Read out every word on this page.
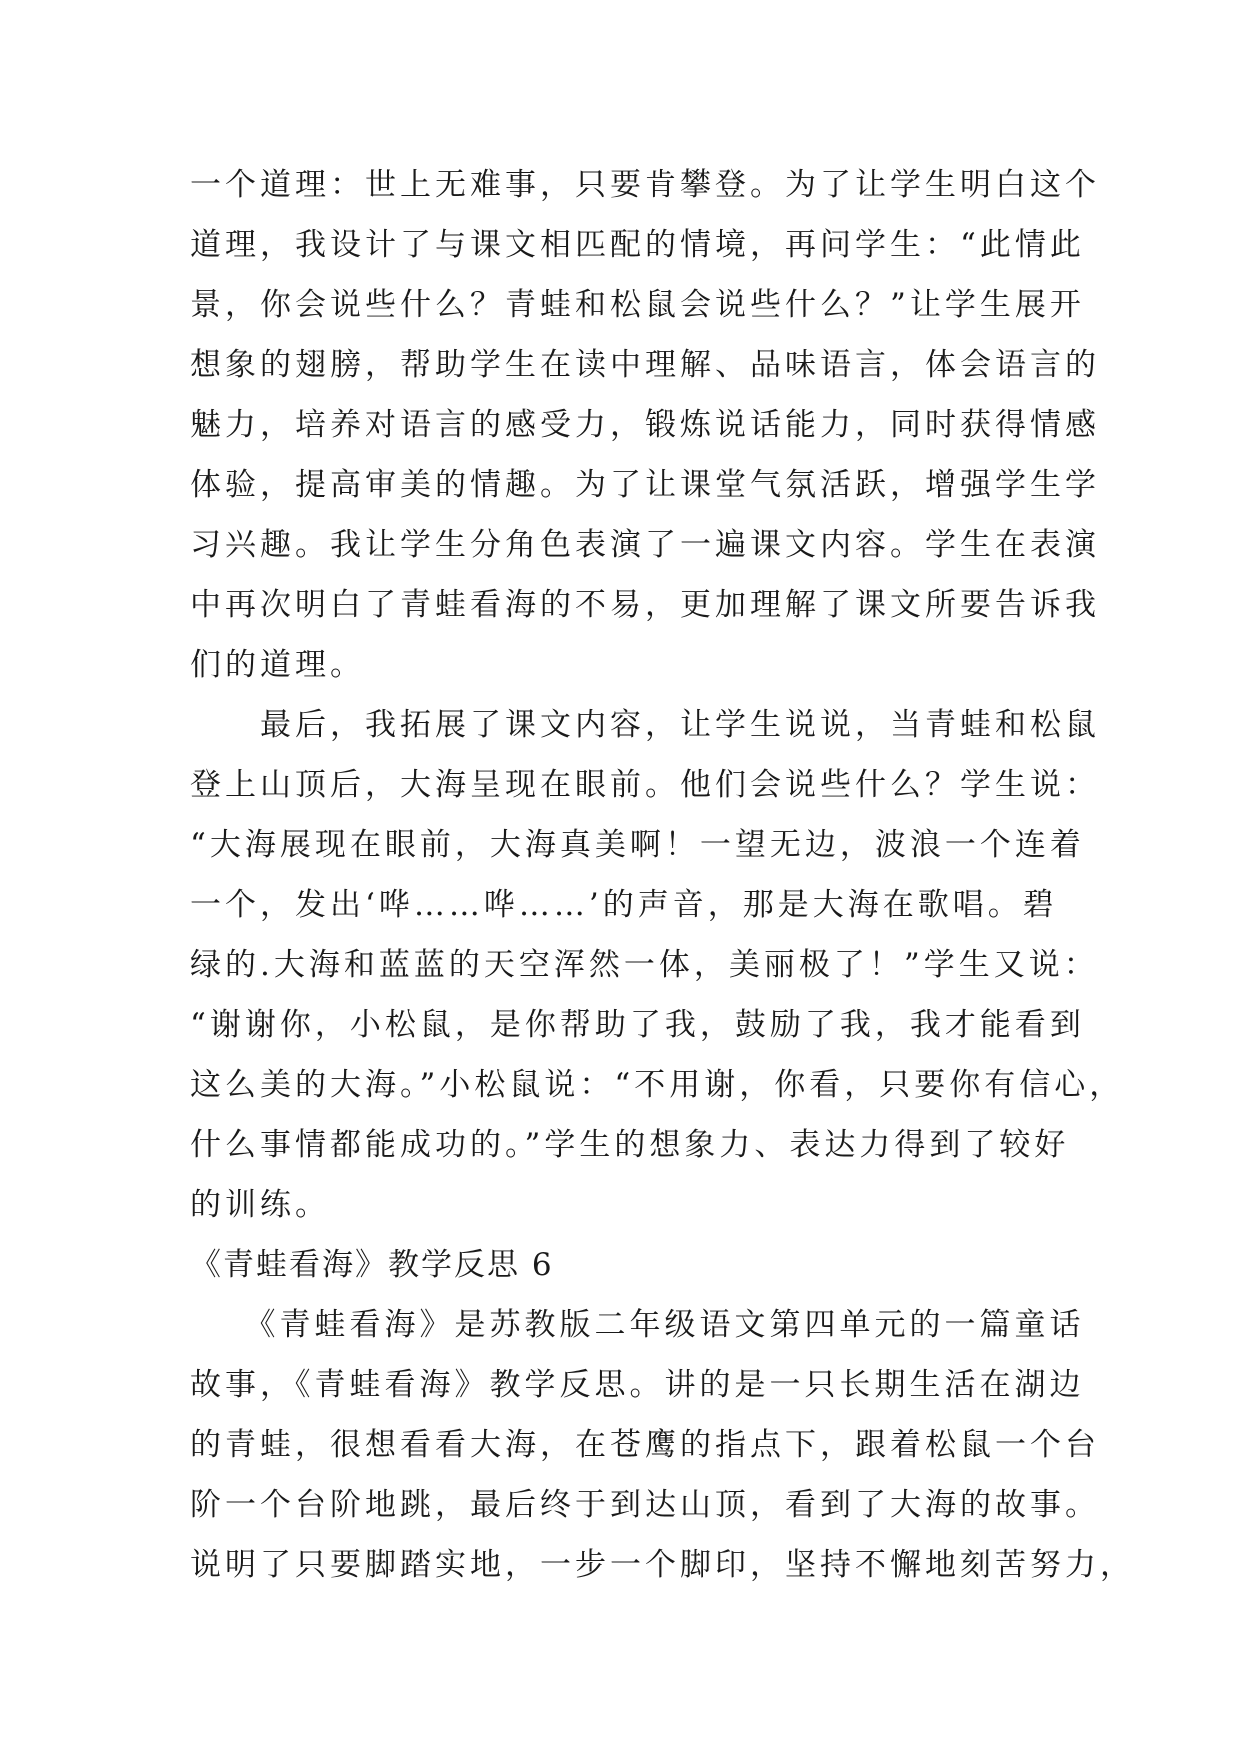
一个道理：世上无难事，只要肯攀登。为了让学生明白这个
道理，我设计了与课文相匹配的情境，再问学生：“此情此
景，你会说些什么？青蛙和松鼠会说些什么？”让学生展开
想象的翅膀，帮助学生在读中理解、品味语言，体会语言的
魅力，培养对语言的感受力，锻炼说话能力，同时获得情感
体验，提高审美的情趣。为了让课堂气氛活跃，增强学生学
习兴趣。我让学生分角色表演了一遍课文内容。学生在表演
中再次明白了青蛙看海的不易，更加理解了课文所要告诉我
们的道理。
　　最后，我拓展了课文内容，让学生说说，当青蛙和松鼠
登上山顶后，大海呈现在眼前。他们会说些什么？学生说：
“大海展现在眼前，大海真美啊！一望无边，波浪一个连着
一个，发出‘哗……哗……’的声音，那是大海在歌唱。碧
绿的.大海和蓝蓝的天空浑然一体，美丽极了！”学生又说：
“谢谢你，小松鼠，是你帮助了我，鼓励了我，我才能看到
这么美的大海。”小松鼠说：“不用谢，你看，只要你有信心，
什么事情都能成功的。”学生的想象力、表达力得到了较好
的训练。
《青蛙看海》教学反思 6
　　《青蛙看海》是苏教版二年级语文第四单元的一篇童话
故事，《青蛙看海》教学反思。讲的是一只长期生活在湖边
的青蛙，很想看看大海，在苍鹰的指点下，跟着松鼠一个台
阶一个台阶地跳，最后终于到达山顶，看到了大海的故事。
说明了只要脚踏实地，一步一个脚印，坚持不懈地刻苦努力，
